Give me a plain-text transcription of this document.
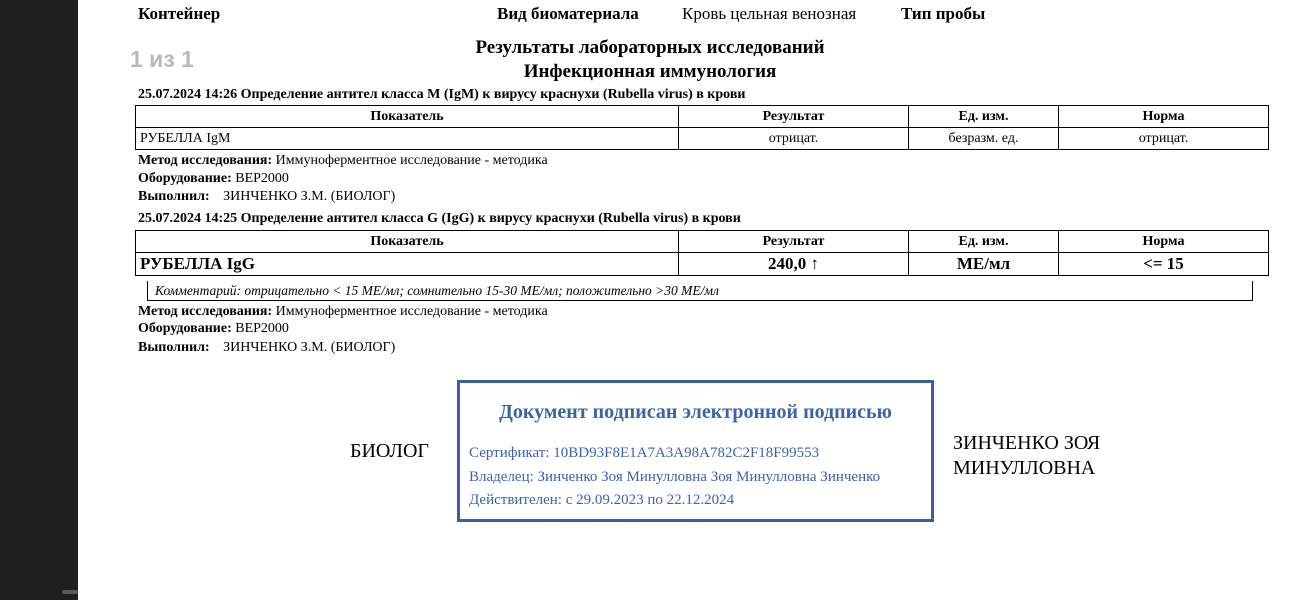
1 из 1
Контейнер	Вид биоматериала	Кровь цельная венозная	Тип пробы
Результаты лабораторных исследований
Инфекционная иммунология
25.07.2024 14:26 Определение антител класса M (IgM) к вирусу краснухи (Rubella virus) в крови
Показатель	Результат	Ед. изм.	Норма
РУБЕЛЛА IgM	отрицат.	безразм. ед.	отрицат.
Метод исследования: Иммуноферментное исследование - методика
Оборудование: BEP2000
Выполнил: ЗИНЧЕНКО З.М. (БИОЛОГ)
25.07.2024 14:25 Определение антител класса G (IgG) к вирусу краснухи (Rubella virus) в крови
Показатель	Результат	Ед. изм.	Норма
РУБЕЛЛА IgG	240,0 ↑	МЕ/мл	<= 15
Комментарий: отрицательно < 15 МЕ/мл; сомнительно 15-30 МЕ/мл; положительно >30 МЕ/мл
Метод исследования: Иммуноферментное исследование - методика
Оборудование: BEP2000
Выполнил: ЗИНЧЕНКО З.М. (БИОЛОГ)
БИОЛОГ
Документ подписан электронной подписью
Сертификат: 10BD93F8E1A7A3A98A782C2F18F99553
Владелец: Зинченко Зоя Минулловна Зоя Минулловна Зинченко
Действителен: с 29.09.2023 по 22.12.2024
ЗИНЧЕНКО ЗОЯ
МИНУЛЛОВНА
